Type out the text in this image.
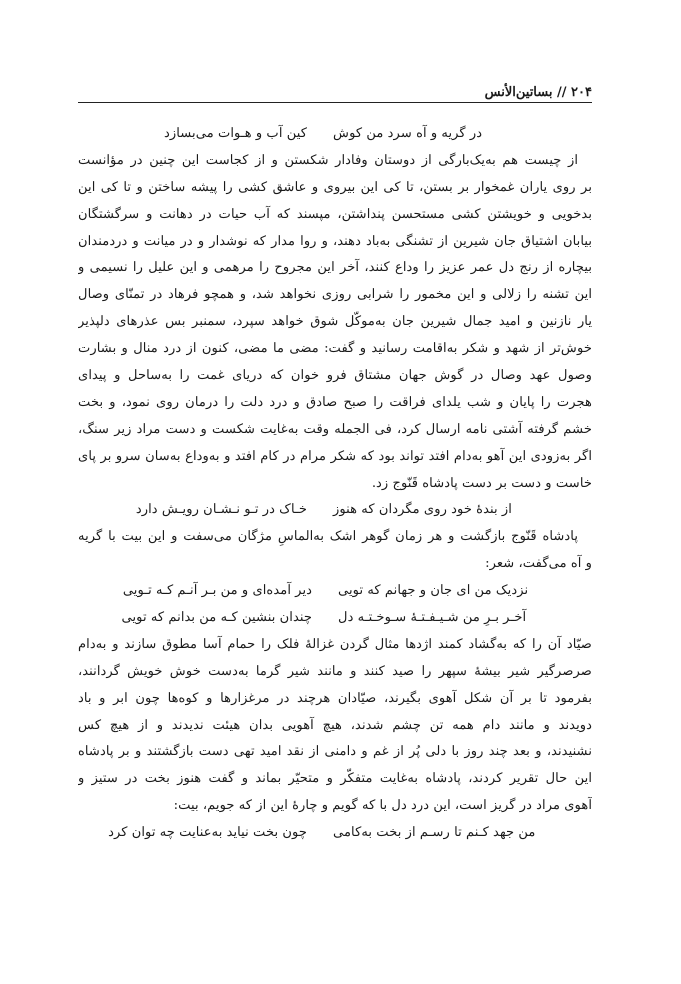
۲۰۴ // بساتین‌الأنس
در گریه و آه سرد من کوش
کین آب و هـوات می‌بسازد
از چیست هم به‌یک‌بارگی از دوستان وفادار شکستن و از کجاست این چنین در مؤانست
بر روی یاران غمخوار بر بستن، تا کی این بیروی و عاشق کشی را پیشه ساختن و تا کی این
بدخویی و خویشتن کشی مستحسن پنداشتن، مپسند که آب حیات در دهانت و سرگشتگان
بیابان اشتیاق جان شیرین از تشنگی به‌باد دهند، و روا مدار که نوشدار و در میانت و دردمندان
بیچاره از رنج دل عمر عزیز را وداع کنند، آخر این مجروح را مرهمی و این علیل را نسیمی و
این تشنه را زلالی و این مخمور را شرابی روزی نخواهد شد، و همچو فرهاد در تمنّای وصال
یار نازنین و امید جمال شیرین جان به‌موکّل شوق خواهد سپرد، سمنبر بس عذرهای دلپذیر
خوش‌تر از شهد و شکر به‌اقامت رسانید و گفت: مضی ما مضی، کنون از درد منال و بشارت
وصول عهد وصال در گوش جهان مشتاق فرو خوان که دریای غمت را به‌ساحل و پیدای
هجرت را پایان و شب یلدای فراقت را صبح صادق و درد دلت را درمان روی نمود، و بخت
خشم گرفته آشتی نامه ارسال کرد، فی الجمله وقت به‌غایت شکست و دست مراد زیر سنگ،
اگر به‌زودی این آهو به‌دام افتد تواند بود که شکر مرام در کام افتد و به‌وداع به‌سان سرو بر پای
خاست و دست بر دست پادشاه قَنّوج زد.
از بندهٔ خود روی مگردان که هنوز
خـاک در تـو نـشـان رویـش دارد
پادشاه قَنّوج بازگشت و هر زمان گوهر اشک به‌الماسِ مژگان می‌سفت و این بیت با گریه
و آه می‌گفت، شعر:
نزدیک من ای جان و جهانم که تویی
دیر آمده‌ای و من بـر آنـم کـه تـویی
آخـر بـرِ من شـیـفـتـهٔ سـوخـتـه دل
چندان بنشین کـه من بدانم که تویی
صیّاد آن را که به‌گشاد کمند اژدها مثال گردن غزالهٔ فلک را حمام آسا مطوق سازند و به‌دام
صرصرگیر شیر بیشهٔ سپهر را صید کنند و مانند شیر گرما به‌دست خوش خویش گردانند،
بفرمود تا بر آن شکل آهوی بگیرند، صیّادان هرچند در مرغزارها و کوه‌ها چون ابر و باد
دویدند و مانند دام همه تن چشم شدند، هیچ آهویی بدان هیئت ندیدند و از هیچ کس
نشنیدند، و بعد چند روز با دلی پُر از غم و دامنی از نقد امید تهی دست بازگشتند و بر پادشاه
این حال تقریر کردند، پادشاه به‌غایت متفکّر و متحیّر بماند و گفت هنوز بخت در ستیز و
آهوی مراد در گریز است، این درد دل با که گویم و چارهٔ این از که جویم، بیت:
من جهد کـنم تا رسـم از بخت به‌کامی
چون بخت نیاید به‌عنایت چه توان کرد
